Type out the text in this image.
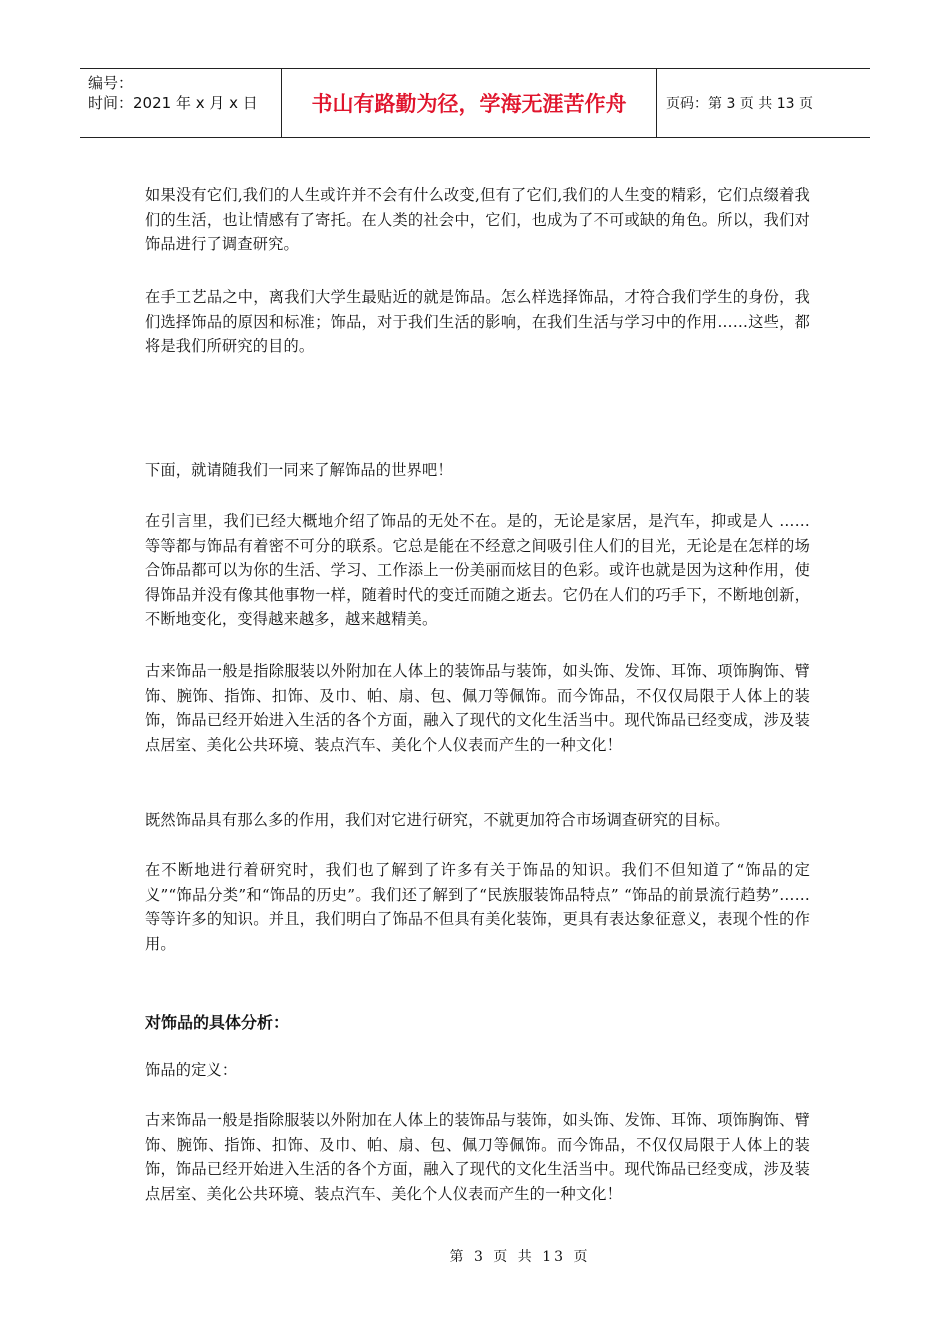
编号：
时间：2021 年 x 月 x 日	书山有路勤为径，学海无涯苦作舟	页码：第 3 页 共 13 页

如果没有它们,我们的人生或许并不会有什么改变,但有了它们,我们的人生变的精彩，它们点缀着我们的生活，也让情感有了寄托。在人类的社会中，它们，也成为了不可或缺的角色。所以，我们对饰品进行了调查研究。

在手工艺品之中，离我们大学生最贴近的就是饰品。怎么样选择饰品，才符合我们学生的身份，我们选择饰品的原因和标准；饰品，对于我们生活的影响，在我们生活与学习中的作用……这些，都将是我们所研究的目的。

下面，就请随我们一同来了解饰品的世界吧！

在引言里，我们已经大概地介绍了饰品的无处不在。是的，无论是家居，是汽车，抑或是人 ……等等都与饰品有着密不可分的联系。它总是能在不经意之间吸引住人们的目光，无论是在怎样的场合饰品都可以为你的生活、学习、工作添上一份美丽而炫目的色彩。或许也就是因为这种作用，使得饰品并没有像其他事物一样，随着时代的变迁而随之逝去。它仍在人们的巧手下，不断地创新，不断地变化，变得越来越多，越来越精美。

古来饰品一般是指除服装以外附加在人体上的装饰品与装饰，如头饰、发饰、耳饰、项饰胸饰、臂饰、腕饰、指饰、扣饰、及巾、帕、扇、包、佩刀等佩饰。而今饰品，不仅仅局限于人体上的装饰，饰品已经开始进入生活的各个方面，融入了现代的文化生活当中。现代饰品已经变成，涉及装点居室、美化公共环境、装点汽车、美化个人仪表而产生的一种文化！

既然饰品具有那么多的作用，我们对它进行研究，不就更加符合市场调查研究的目标。

在不断地进行着研究时，我们也了解到了许多有关于饰品的知识。我们不但知道了“饰品的定义”“饰品分类”和“饰品的历史”。我们还了解到了“民族服装饰品特点” “饰品的前景流行趋势”……等等许多的知识。并且，我们明白了饰品不但具有美化装饰，更具有表达象征意义，表现个性的作用。

对饰品的具体分析：

饰品的定义：

古来饰品一般是指除服装以外附加在人体上的装饰品与装饰，如头饰、发饰、耳饰、项饰胸饰、臂饰、腕饰、指饰、扣饰、及巾、帕、扇、包、佩刀等佩饰。而今饰品，不仅仅局限于人体上的装饰，饰品已经开始进入生活的各个方面，融入了现代的文化生活当中。现代饰品已经变成，涉及装点居室、美化公共环境、装点汽车、美化个人仪表而产生的一种文化！

第 3 页 共 13 页
